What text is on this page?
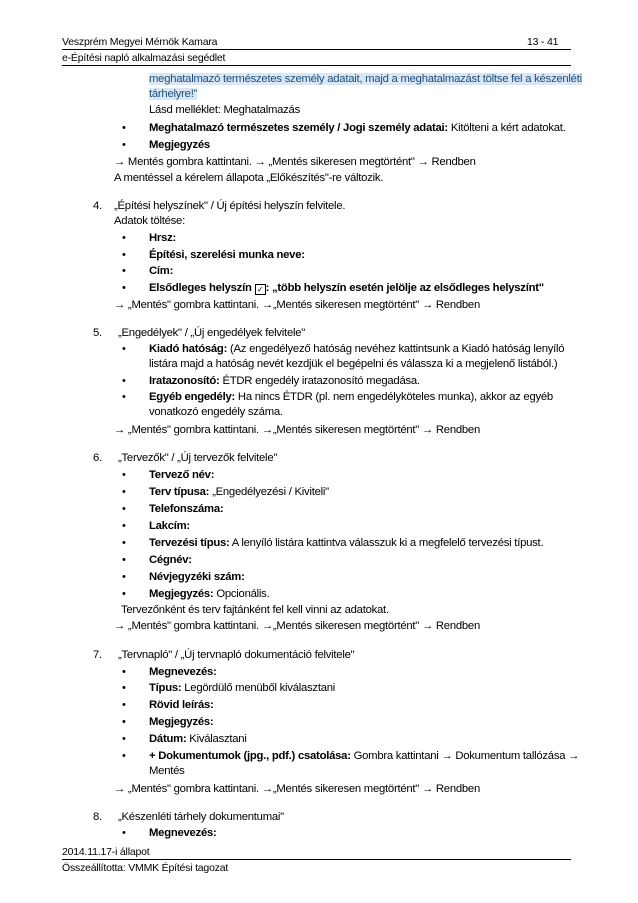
Veszprém Megyei Mérnök Kamara	13 - 41
e-Építési napló alkalmazási segédlet
meghatalmazó természetes személy adatait, majd a meghatalmazást töltse fel a készenléti
tárhelyre!"
Lásd melléklet: Meghatalmazás
• Meghatalmazó természetes személy / Jogi személy adatai: Kitölteni a kért adatokat.
• Megjegyzés
→ Mentés gombra kattintani. → „Mentés sikeresen megtörtént" → Rendben
A mentéssel a kérelem állapota „Előkészítés"-re változik.
4. „Építési helyszínek" / Új építési helyszín felvitele.
Adatok töltése:
• Hrsz:
• Építési, szerelési munka neve:
• Cím:
• Elsődleges helyszín ✓ : „több helyszín esetén jelölje az elsődleges helyszínt"
→ „Mentés" gombra kattintani. →„Mentés sikeresen megtörtént" → Rendben
5. „Engedélyek" / „Új engedélyek felvitele"
• Kiadó hatóság: (Az engedélyező hatóság nevéhez kattintsunk a Kiadó hatóság lenyíló
listára majd a hatóság nevét kezdjük el begépelni és válassza ki a megjelenő listából.)
• Iratazonosító: ÉTDR engedély iratazonosító megadása.
• Egyéb engedély: Ha nincs ÉTDR (pl. nem engedélyköteles munka), akkor az egyéb
vonatkozó engedély száma.
→ „Mentés" gombra kattintani. →„Mentés sikeresen megtörtént" → Rendben
6. „Tervezők" / „Új tervezők felvitele"
• Tervező név:
• Terv típusa: „Engedélyezési / Kiviteli"
• Telefonszáma:
• Lakcím:
• Tervezési típus: A lenyíló listára kattintva válasszuk ki a megfelelő tervezési típust.
• Cégnév:
• Névjegyzéki szám:
• Megjegyzés: Opcionális.
Tervezőnként és terv fajtánként fel kell vinni az adatokat.
→ „Mentés" gombra kattintani. →„Mentés sikeresen megtörtént" → Rendben
7. „Tervnapló" / „Új tervnapló dokumentáció felvitele"
• Megnevezés:
• Típus: Legördülő menüből kiválasztani
• Rövid leírás:
• Megjegyzés:
• Dátum: Kiválasztani
• + Dokumentumok (jpg., pdf.) csatolása: Gombra kattintani → Dokumentum tallózása →
Mentés
→ „Mentés" gombra kattintani. →„Mentés sikeresen megtörtént" → Rendben
8. „Készenléti tárhely dokumentumai"
• Megnevezés:
2014.11.17-i állapot
Összeállította: VMMK Építési tagozat
